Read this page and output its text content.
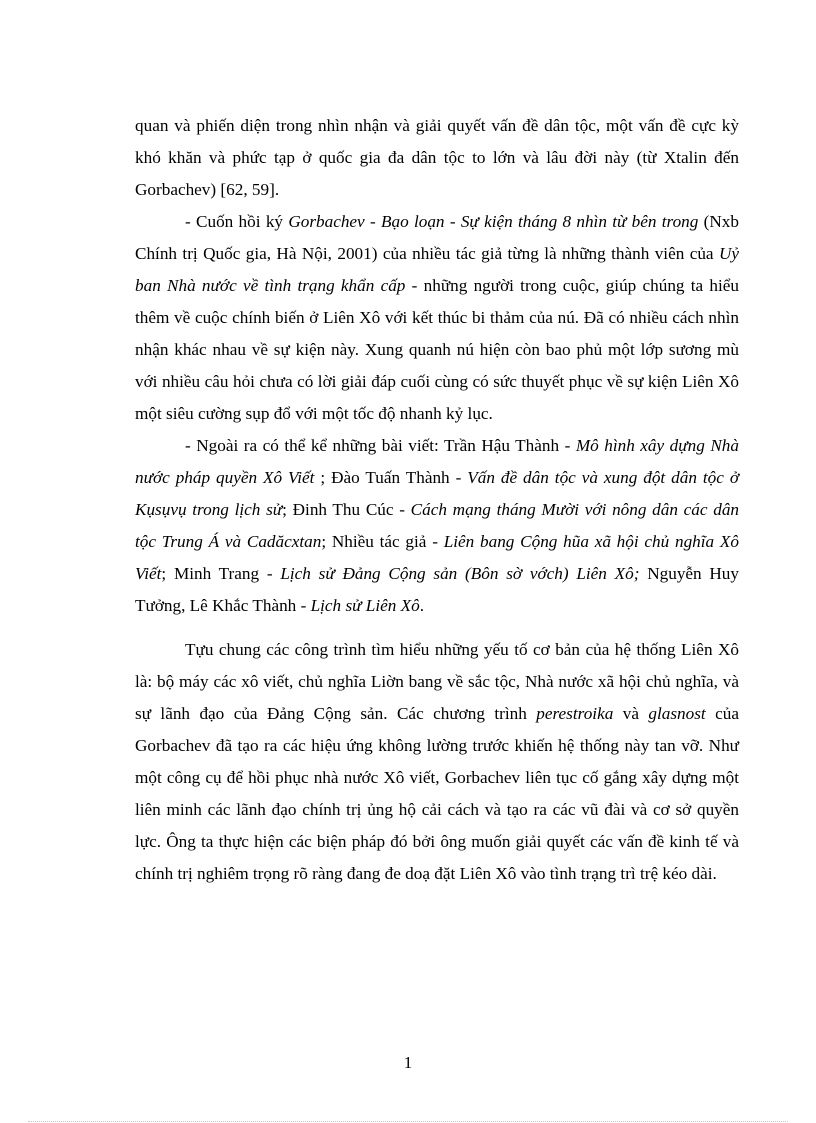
quan và phiến diện trong nhìn nhận và giải quyết vấn đề dân tộc, một vấn đề cực kỳ khó khăn và phức tạp ở quốc gia đa dân tộc to lớn và lâu đời này (từ Xtalin đến Gorbachev) [62, 59].

- Cuốn hồi ký Gorbachev - Bạo loạn - Sự kiện tháng 8 nhìn từ bên trong (Nxb Chính trị Quốc gia, Hà Nội, 2001) của nhiều tác giả từng là những thành viên của Uỷ ban Nhà nước về tình trạng khẩn cấp - những người trong cuộc, giúp chúng ta hiểu thêm về cuộc chính biến ở Liên Xô với kết thúc bi thảm của nú. Đã có nhiều cách nhìn nhận khác nhau về sự kiện này. Xung quanh nú hiện còn bao phủ một lớp sương mù với nhiều câu hỏi chưa có lời giải đáp cuối cùng có sức thuyết phục về sự kiện Liên Xô một siêu cường sụp đổ với một tốc độ nhanh kỷ lục.

- Ngoài ra có thể kể những bài viết: Trần Hậu Thành - Mô hình xây dựng Nhà nước pháp quyền Xô Viết ; Đào Tuấn Thành - Vấn đề dân tộc và xung đột dân tộc ở Kụsụvụ trong lịch sử; Đinh Thu Cúc - Cách mạng tháng Mười với nông dân các dân tộc Trung Á và Cadăcxtan; Nhiều tác giả - Liên bang Cộng hũa xã hội chủ nghĩa Xô Viết; Minh Trang - Lịch sử Đảng Cộng sản (Bôn sờ vớch) Liên Xô; Nguyễn Huy Tưởng, Lê Khắc Thành - Lịch sử Liên Xô.

Tựu chung các công trình tìm hiểu những yếu tố cơ bản của hệ thống Liên Xô là: bộ máy các xô viết, chủ nghĩa Liờn bang về sắc tộc, Nhà nước xã hội chủ nghĩa, và sự lãnh đạo của Đảng Cộng sản. Các chương trình perestroika và glasnost của Gorbachev đã tạo ra các hiệu ứng không lường trước khiến hệ thống này tan vỡ. Như một công cụ để hồi phục nhà nước Xô viết, Gorbachev liên tục cố gắng xây dựng một liên minh các lãnh đạo chính trị ủng hộ cải cách và tạo ra các vũ đài và cơ sở quyền lực. Ông ta thực hiện các biện pháp đó bởi ông muốn giải quyết các vấn đề kinh tế và chính trị nghiêm trọng rõ ràng đang đe doạ đặt Liên Xô vào tình trạng trì trệ kéo dài.

1
